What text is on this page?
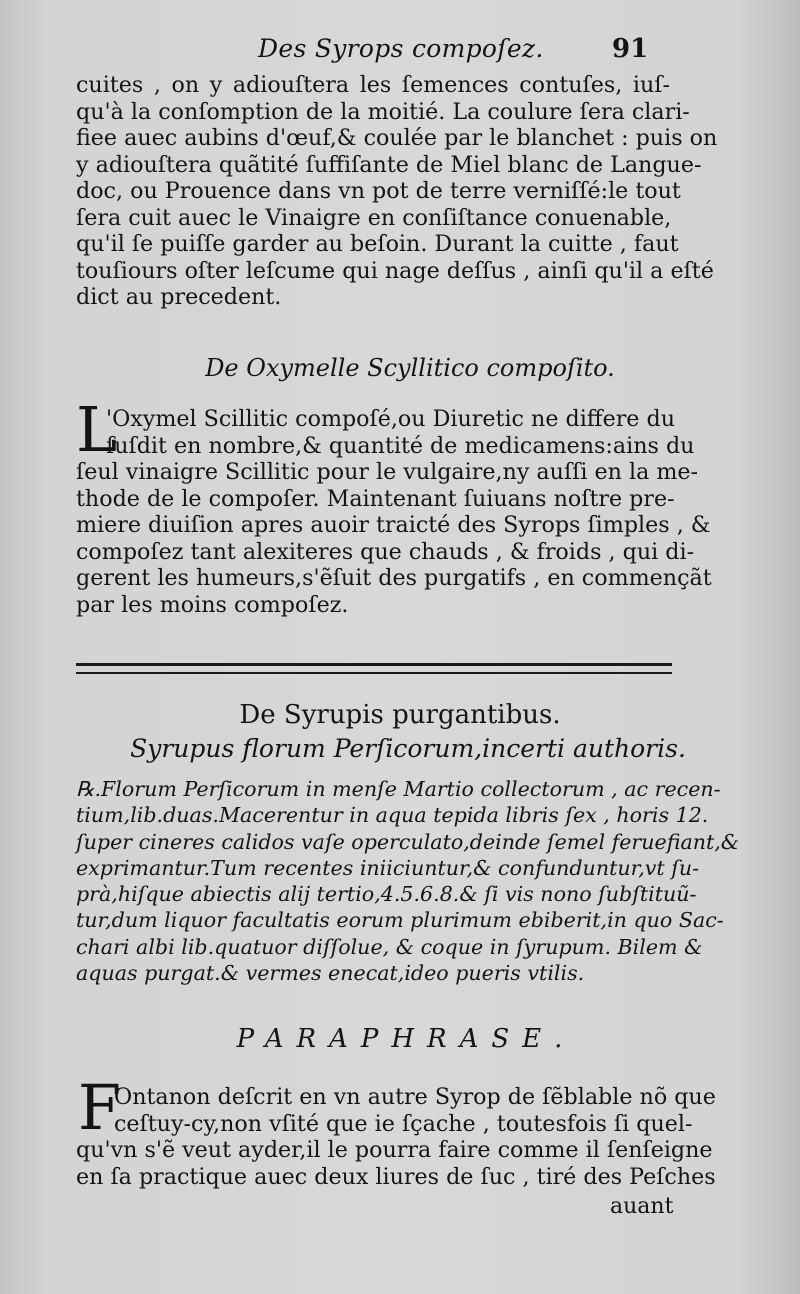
Des Syrops compoſez.	91
cuites , on y adiouſtera les ſemences contuſes, iuſ-
qu'à la conſomption de la moitié. La coulure ſera clari-
fiee auec aubins d'œuf,& coulée par le blanchet : puis on
y adiouſtera quãtité ſuffiſante de Miel blanc de Langue-
doc, ou Prouence dans vn pot de terre verniſſé:le tout
ſera cuit auec le Vinaigre en conſiſtance conuenable,
qu'il ſe puiſſe garder au beſoin. Durant la cuitte , faut
touſiours oſter leſcume qui nage deſſus , ainſi qu'il a eſté
dict au precedent.
De Oxymelle Scyllitico compoſito.
L
'Oxymel Scillitic compoſé,ou Diuretic ne differe du
ſuſdit en nombre,& quantité de medicamens:ains du
ſeul vinaigre Scillitic pour le vulgaire,ny auſſi en la me-
thode de le compoſer. Maintenant ſuiuans noſtre pre-
miere diuiſion apres auoir traicté des Syrops ſimples , &
compoſez tant alexiteres que chauds , & froids , qui di-
gerent les humeurs,s'ẽſuit des purgatifs , en commençãt
par les moins compoſez.
De Syrupis purgantibus.
Syrupus florum Perſicorum,incerti authoris.
℞.Florum Perſicorum in menſe Martio collectorum , ac recen-
tium,lib.duas.Macerentur in aqua tepida libris ſex , horis 12.
ſuper cineres calidos vaſe operculato,deinde ſemel feruefiant,&
exprimantur.Tum recentes iniiciuntur,& confunduntur,vt ſu-
prà,hiſque abiectis alij tertio,4.5.6.8.& ſi vis nono ſubſtituũ-
tur,dum liquor facultatis eorum plurimum ebiberit,in quo Sac-
chari albi lib.quatuor diſſolue, & coque in ſyrupum. Bilem &
aquas purgat.& vermes enecat,ideo pueris vtilis.
PARAPHRASE.
F
Ontanon deſcrit en vn autre Syrop de ſẽblable nõ que
ceſtuy-cy,non vſité que ie ſçache , toutesfois ſi quel-
qu'vn s'ẽ veut ayder,il le pourra faire comme il ſenſeigne
en ſa practique auec deux liures de ſuc , tiré des Peſches
auant
